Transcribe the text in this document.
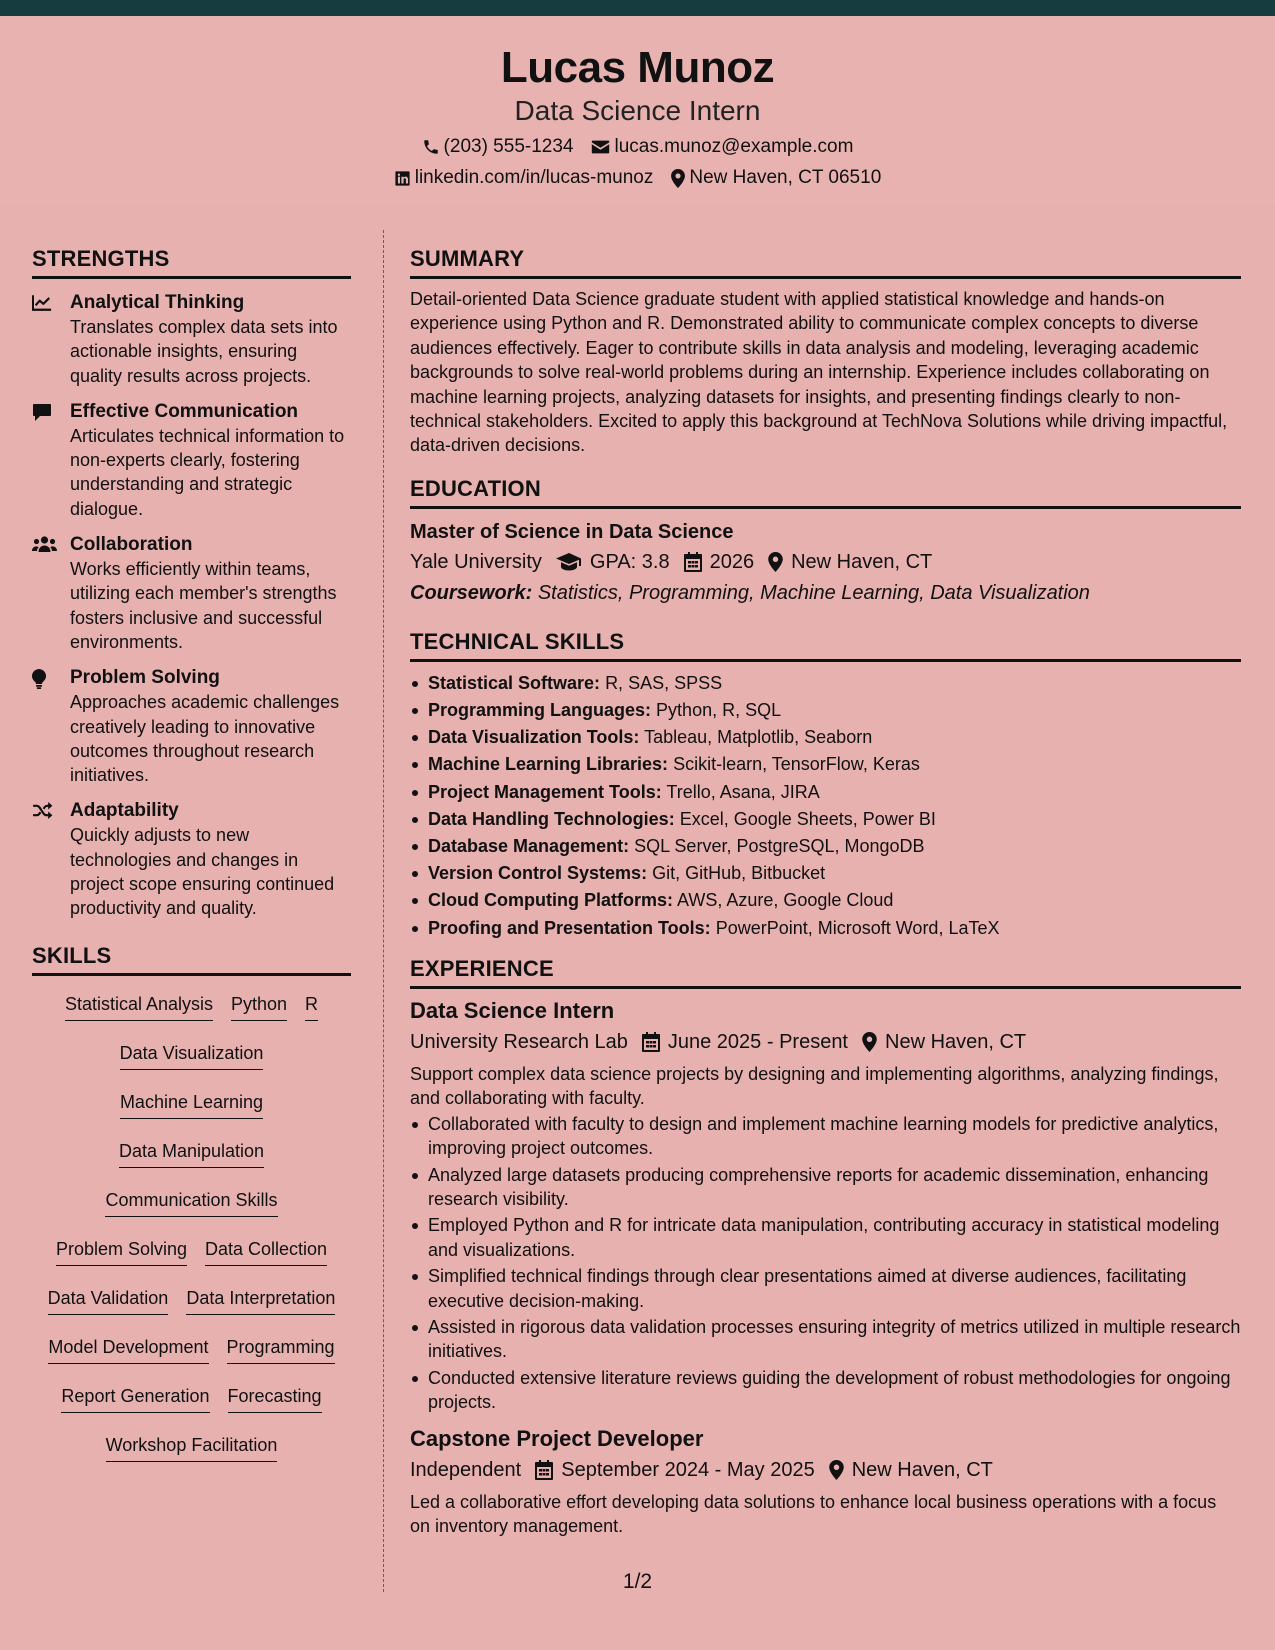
Lucas Munoz
Data Science Intern
(203) 555-1234 lucas.munoz@example.com
linkedin.com/in/lucas-munoz New Haven, CT 06510
STRENGTHS
Analytical Thinking
Translates complex data sets into actionable insights, ensuring quality results across projects.
Effective Communication
Articulates technical information to non-experts clearly, fostering understanding and strategic dialogue.
Collaboration
Works efficiently within teams, utilizing each member's strengths fosters inclusive and successful environments.
Problem Solving
Approaches academic challenges creatively leading to innovative outcomes throughout research initiatives.
Adaptability
Quickly adjusts to new technologies and changes in project scope ensuring continued productivity and quality.
SKILLS
Statistical Analysis Python R
Data Visualization
Machine Learning
Data Manipulation
Communication Skills
Problem Solving Data Collection
Data Validation Data Interpretation
Model Development Programming
Report Generation Forecasting
Workshop Facilitation
SUMMARY
Detail-oriented Data Science graduate student with applied statistical knowledge and hands-on experience using Python and R. Demonstrated ability to communicate complex concepts to diverse audiences effectively. Eager to contribute skills in data analysis and modeling, leveraging academic backgrounds to solve real-world problems during an internship. Experience includes collaborating on machine learning projects, analyzing datasets for insights, and presenting findings clearly to non-technical stakeholders. Excited to apply this background at TechNova Solutions while driving impactful, data-driven decisions.
EDUCATION
Master of Science in Data Science
Yale University GPA: 3.8 2026 New Haven, CT
Coursework: Statistics, Programming, Machine Learning, Data Visualization
TECHNICAL SKILLS
Statistical Software: R, SAS, SPSS
Programming Languages: Python, R, SQL
Data Visualization Tools: Tableau, Matplotlib, Seaborn
Machine Learning Libraries: Scikit-learn, TensorFlow, Keras
Project Management Tools: Trello, Asana, JIRA
Data Handling Technologies: Excel, Google Sheets, Power BI
Database Management: SQL Server, PostgreSQL, MongoDB
Version Control Systems: Git, GitHub, Bitbucket
Cloud Computing Platforms: AWS, Azure, Google Cloud
Proofing and Presentation Tools: PowerPoint, Microsoft Word, LaTeX
EXPERIENCE
Data Science Intern
University Research Lab June 2025 - Present New Haven, CT
Support complex data science projects by designing and implementing algorithms, analyzing findings, and collaborating with faculty.
Collaborated with faculty to design and implement machine learning models for predictive analytics, improving project outcomes.
Analyzed large datasets producing comprehensive reports for academic dissemination, enhancing research visibility.
Employed Python and R for intricate data manipulation, contributing accuracy in statistical modeling and visualizations.
Simplified technical findings through clear presentations aimed at diverse audiences, facilitating executive decision-making.
Assisted in rigorous data validation processes ensuring integrity of metrics utilized in multiple research initiatives.
Conducted extensive literature reviews guiding the development of robust methodologies for ongoing projects.
Capstone Project Developer
Independent September 2024 - May 2025 New Haven, CT
Led a collaborative effort developing data solutions to enhance local business operations with a focus on inventory management.
1/2
